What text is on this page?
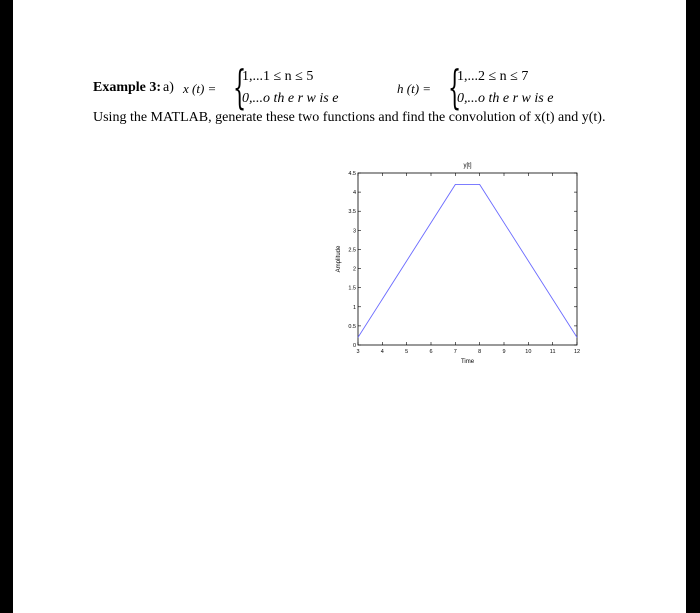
Example 3: a) x (t) = {
1,...1 ≤ n ≤ 5
0,...o th e r w is e
h (t) = {
1,...2 ≤ n ≤ 7
0,...o th e r w is e
Using the MATLAB, generate these two functions and find the convolution of x(t) and y(t).
y[t]
Time
Amplitude
3	4	5	6	7	8	9	10	11	12
0
0.5
1
1.5
2
2.5
3
3.5
4
4.5
